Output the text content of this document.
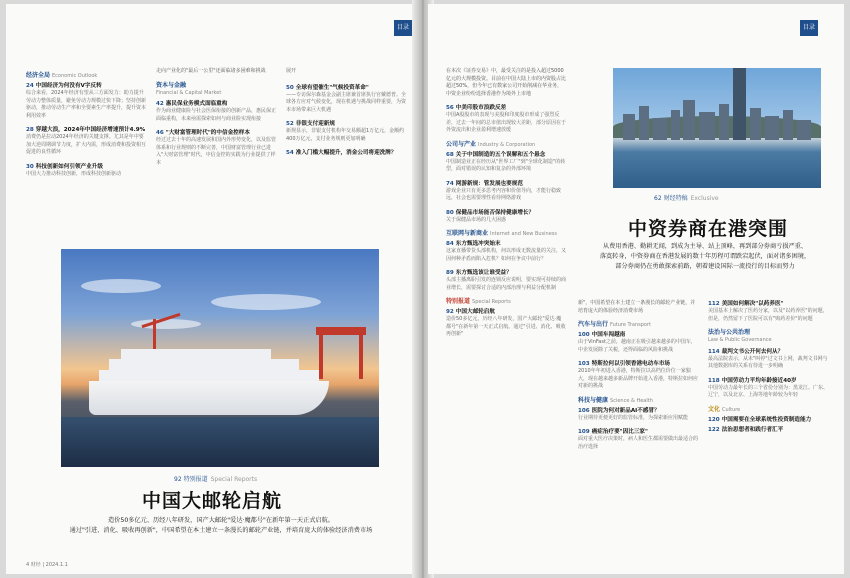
目录
经济全局 Economic Outlook
24 中国经济为何没有V字反转
综合来看，2024年经济有望从三方面发力：助力提升劳动力整体质量，避免劳动力规模过快下降；坚持创新驱动，推动劳动生产率和全要素生产率提升，提升资本利用效率
28 穿越大浪，2024年中国经济增速预计4.9%
消费仍是拉动2024年经济的关键支撑。尤其是年中要加大逆周期调节力度，扩大内需，形成消费和投资相互促进的良性循环
30 科技创新如何引领产业升级
中国大力推动科技创新，形成科技创新驱动
走向产业化的"最后一公里"还面临诸多困难和挑战
资本与金融
Financial & Capital Market
42 惠民保业务模式面临重构
作为商业健康险与社会医保衔接的创新产品，惠民保正面临重构，未来亟需探索如何与商业险实现衔接
46 "大财富管理时代"的中信金控样本
经过过去十年的高速发展和国内外形势变化，以及监管体系和行业规则的不断完善，中国财富管理行业已进入"大财富管理"时代，中信金控的实践为行业提供了样本
展开
50 全球有望催生"气候投资革命"
——专访保尔森基金会副主席兼首席执行官戴德普。全球各方应对气候变化，现在机遇与挑战同样重要，为资本市场带来巨大机遇
52 非银支付迎新规
新规显示，非银支付机构年交易额超1万亿元，金额约400万亿元，支付业务规则更加明确
54 准入门槛大幅提升，消金公司将迎洗牌？
92 特别报道 Special Reports
中国大邮轮启航
造价50多亿元、历经八年研发，国产大邮轮"爱达·魔都号"在新年第一天正式启航。
通过"引进、消化、吸收再创新"，中国希望在本土建立一条漫长的邮轮产业链，并培育庞大的体验经济消费市场
4 财经 | 2024.1.1
目录
在本次《证券交易》中，最受关注的是投入超过5000亿元的大规模投资。目前在中国大陆上市的内资股占比超过50%，但今年已有数家公司开始削减在华业务，中资企业纷纷选择香港作为境外上市地
56 中美印股市浪跌反差
中国A股股市的表现与美股和印度股市形成了强烈反差，过去一年间的总市值出现较大差距，部分原因在于外资流出和企业盈利增速放缓
公司与产业 Industry & Corporation
68 关于中国制造的五个误解和五个悬念
中国制造业正在经历从"世界工厂"到"全球化制造"的转型，面对错误的认知和复杂的外部环境
74 网游新规：管发展也要规范
游戏企业只有更多思考内容和价值导向，才能行稳致远，社会也需要理性看待网络游戏
80 保健品市场能否保持健康增长？
关于保健品市场的几大困惑
互联网与新商业 Internet and New Business
84 东方甄选冲突始末
这家直播带货头部机构，何以形成无数流量的关注，又因何种矛盾而陷入危机？如何在争议中前行？
89 东方甄选该让谁受益？
头部主播离职引发的连锁反应说明，要实现可持续的商业增长，需要探讨合适的内部治理与利益分配机制
特别报道 Special Reports
92 中国大邮轮启航
造价50多亿元，历经八年研发，国产大邮轮"爱达·魔都号"在新年第一天正式启航。通过"引进、消化、吸收再创新"
62 财经特稿 Exclusive
中资券商在港突围
从费用香港、勤耕无闻，到成为主导、站上顶峰，再到部分券商亏损严重、
落寞转身，中资券商在香港发展的数十年历程可谓跌宕起伏，面对诸多困境，
部分券商仍在勇敢探索前路，朝着建设国际一流投行的目标而努力
新"，中国希望在本土建立一条漫长的邮轮产业链，并培育庞大的体验经济消费市场
汽车与出行 Future Transport
100 中国车闯越南
由于VinFast之前，越南正在吸引越来越多的中国车，中企发展除了关税，还得面临的风险和挑战
103 特斯拉何以引领香港电动车市场
2010年年初进入香港，特斯拉以高档位价位一家独大，现在越来越多新品牌开始进入香港，特斯拉如何应对新的挑战
科技与健康 Science & Health
106 医院为何对新品AI不感冒？
行业期待更便更好的监管标准，为探索新应用赋能
109 癌症治疗要"因比三家"
面对重大医疗决策时，病人和医生都需要做出最适合的治疗选择
112 美国如何解决"以药养医"
美国基本上解决了医药分家，以及"以药养医"的问题，但是，仍然留下了医院可以有"购药差价"的问题
法治与公共治理
Law & Public Governance
114 裁判文书公开何去何从？
最高法院表示，从未"叫停"过文书上网，裁判文书网与其他数据库的关系有待进一步明确
118 中国劳动力平均年龄接近40岁
中国劳动力最年长的三个省份分别为：黑龙江、广东、辽宁，以及北京、上海等地年龄较为年轻
文化 Culture
120 中国需要在全球系统性投资制造能力
122 法治思想者和践行者汇平
